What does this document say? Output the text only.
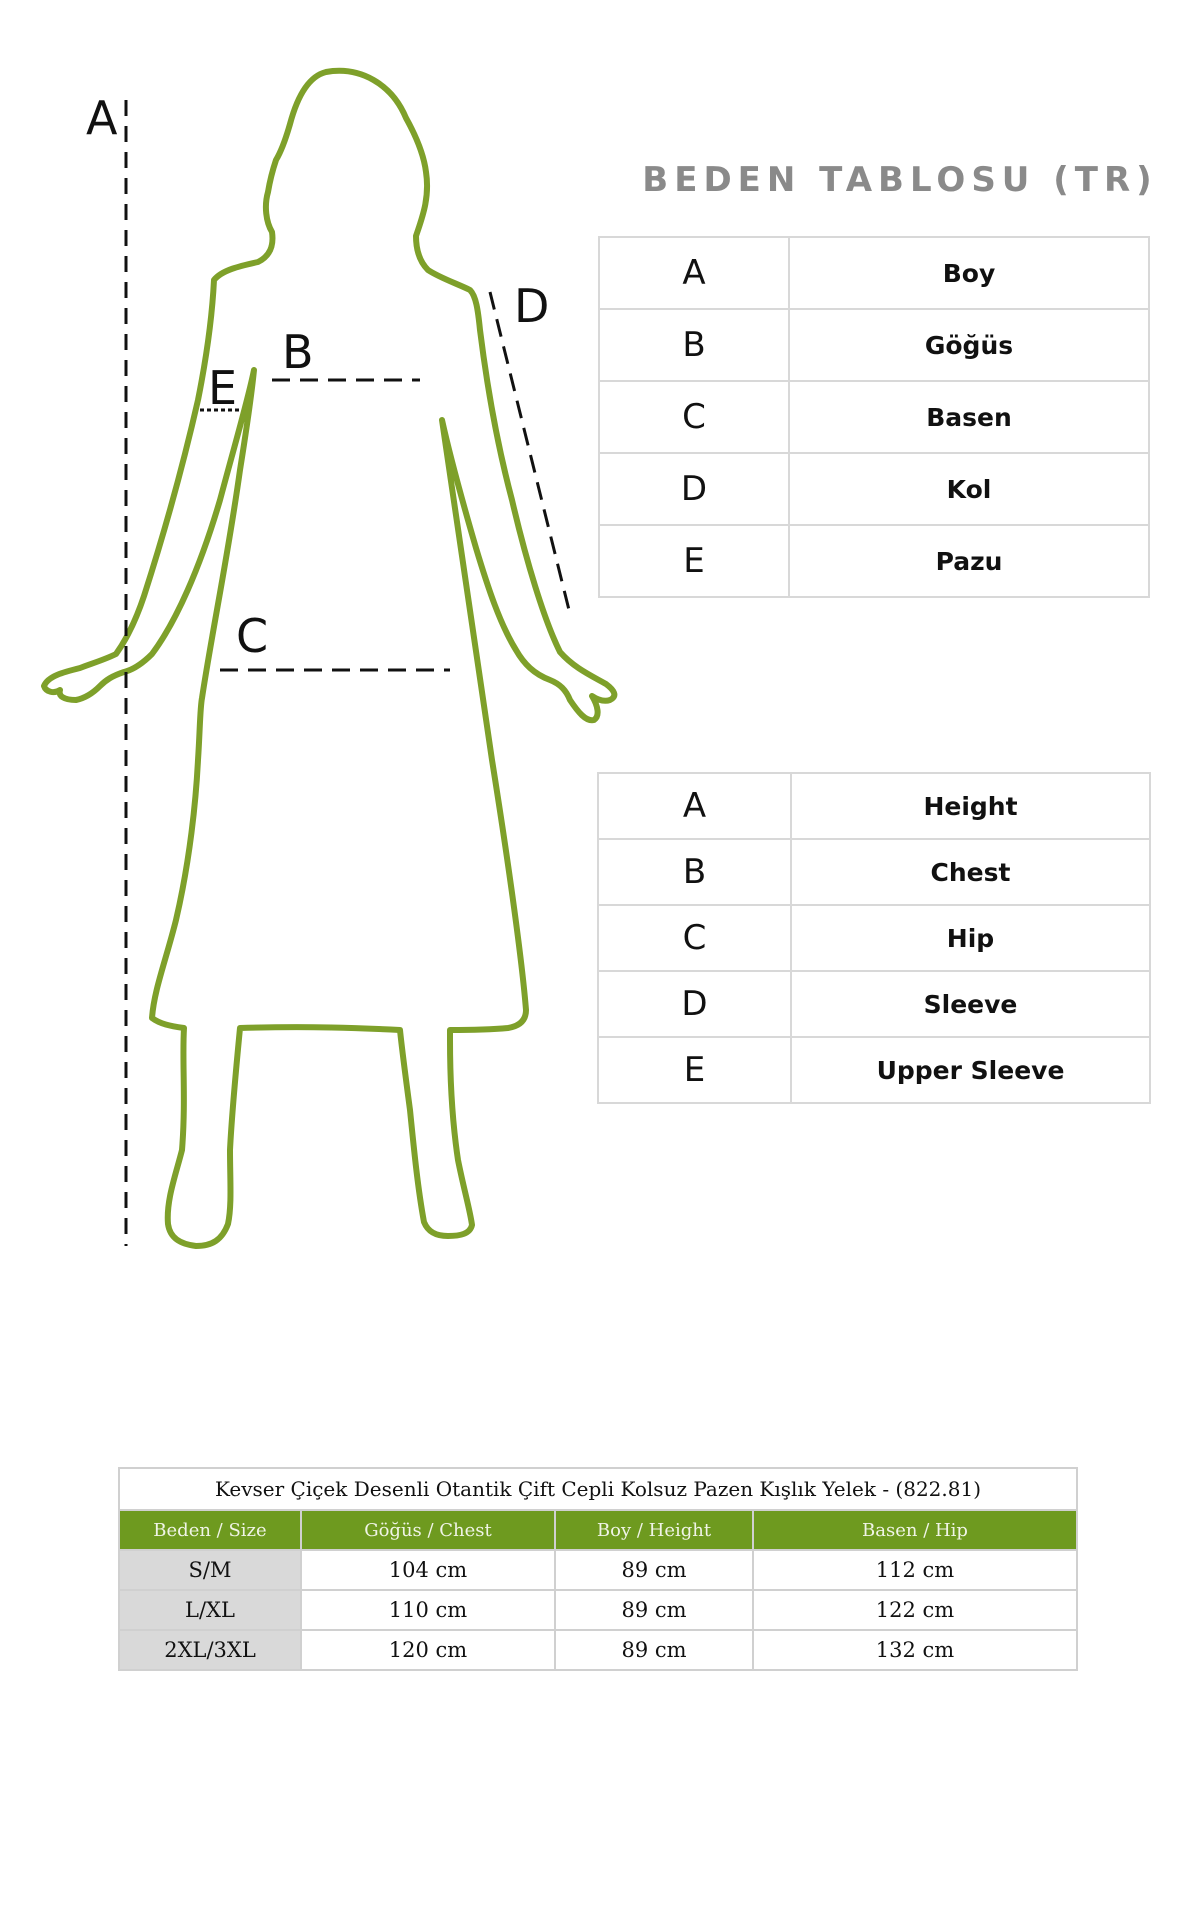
A
B
C
D
E
BEDEN TABLOSU (TR)
A	Boy
B	Göğüs
C	Basen
D	Kol
E	Pazu
A	Height
B	Chest
C	Hip
D	Sleeve
E	Upper Sleeve
Kevser Çiçek Desenli Otantik Çift Cepli Kolsuz Pazen Kışlık Yelek - (822.81)			
Beden / Size	Göğüs / Chest	Boy / Height	Basen / Hip
S/M	104 cm	89 cm	112 cm
L/XL	110 cm	89 cm	122 cm
2XL/3XL	120 cm	89 cm	132 cm
